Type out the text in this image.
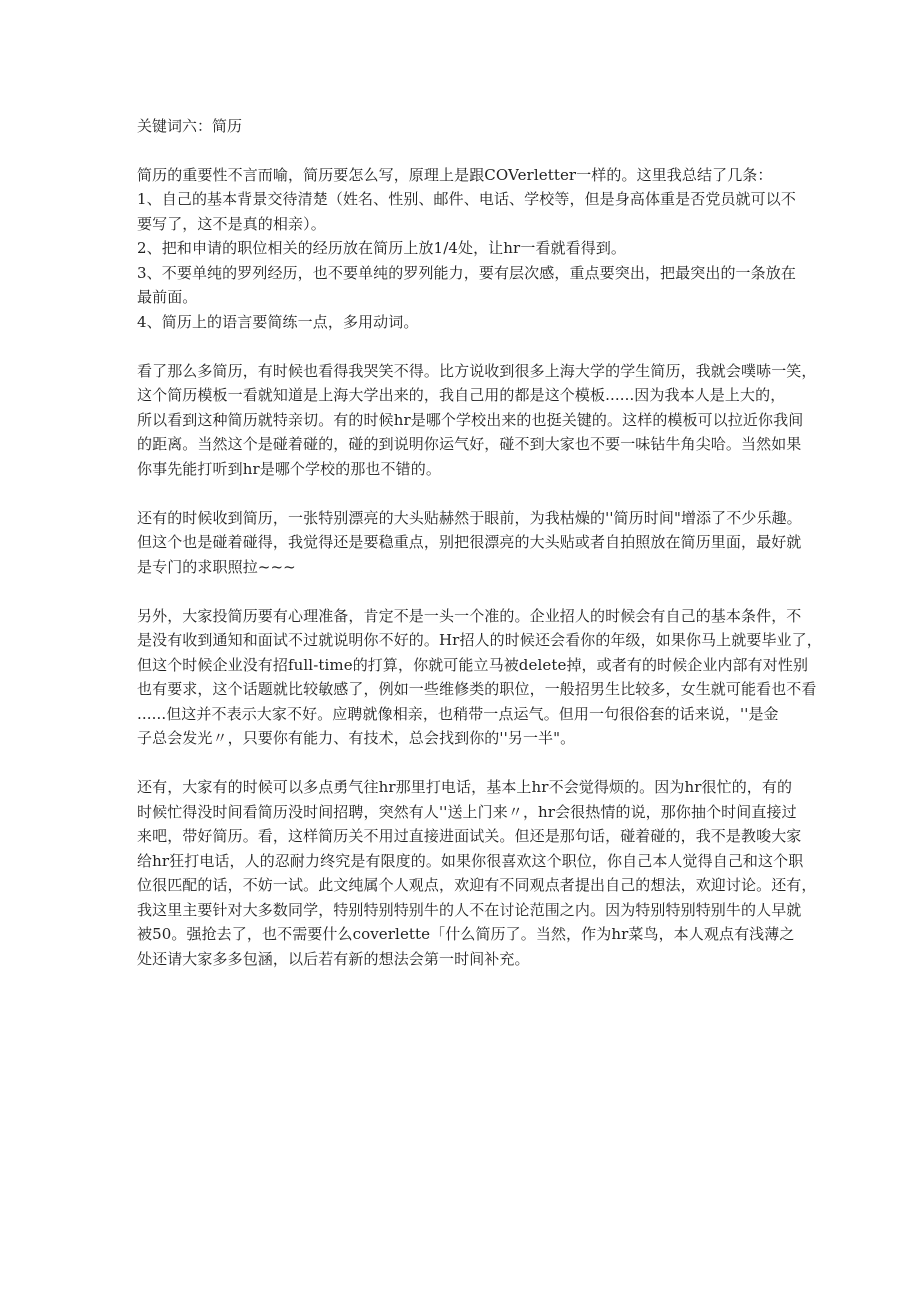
关键词六：简历
简历的重要性不言而喻，简历要怎么写，原理上是跟COVerletter一样的。这里我总结了几条：
1、自己的基本背景交待清楚（姓名、性别、邮件、电话、学校等，但是身高体重是否党员就可以不
要写了，这不是真的相亲）。
2、把和申请的职位相关的经历放在简历上放1/4处，让hr一看就看得到。
3、不要单纯的罗列经历，也不要单纯的罗列能力，要有层次感，重点要突出，把最突出的一条放在
最前面。
4、简历上的语言要简练一点，多用动词。
看了那么多简历，有时候也看得我哭笑不得。比方说收到很多上海大学的学生简历，我就会噗哧一笑，
这个简历模板一看就知道是上海大学出来的，我自己用的都是这个模板......因为我本人是上大的，
所以看到这种简历就特亲切。有的时候hr是哪个学校出来的也挺关键的。这样的模板可以拉近你我间
的距离。当然这个是碰着碰的，碰的到说明你运气好，碰不到大家也不要一味钻牛角尖哈。当然如果
你事先能打听到hr是哪个学校的那也不错的。
还有的时候收到简历，一张特别漂亮的大头贴赫然于眼前，为我枯燥的''简历时间"增添了不少乐趣。
但这个也是碰着碰得，我觉得还是要稳重点，别把很漂亮的大头贴或者自拍照放在简历里面，最好就
是专门的求职照拉~~~
另外，大家投简历要有心理准备，肯定不是一头一个准的。企业招人的时候会有自己的基本条件，不
是没有收到通知和面试不过就说明你不好的。Hr招人的时候还会看你的年级，如果你马上就要毕业了，
但这个时候企业没有招full-time的打算，你就可能立马被delete掉，或者有的时候企业内部有对性别
也有要求，这个话题就比较敏感了，例如一些维修类的职位，一般招男生比较多，女生就可能看也不看
......但这并不表示大家不好。应聘就像相亲，也稍带一点运气。但用一句很俗套的话来说，''是金
子总会发光〃，只要你有能力、有技术，总会找到你的''另一半"。
还有，大家有的时候可以多点勇气往hr那里打电话，基本上hr不会觉得烦的。因为hr很忙的，有的
时候忙得没时间看简历没时间招聘，突然有人''送上门来〃，hr会很热情的说，那你抽个时间直接过
来吧，带好简历。看，这样简历关不用过直接进面试关。但还是那句话，碰着碰的，我不是教唆大家
给hr狂打电话，人的忍耐力终究是有限度的。如果你很喜欢这个职位，你自己本人觉得自己和这个职
位很匹配的话，不妨一试。此文纯属个人观点，欢迎有不同观点者提出自己的想法，欢迎讨论。还有，
我这里主要针对大多数同学，特别特别特别牛的人不在讨论范围之内。因为特别特别特别牛的人早就
被50。强抢去了，也不需要什么coverlette「什么简历了。当然，作为hr菜鸟，本人观点有浅薄之
处还请大家多多包涵，以后若有新的想法会第一时间补充。
